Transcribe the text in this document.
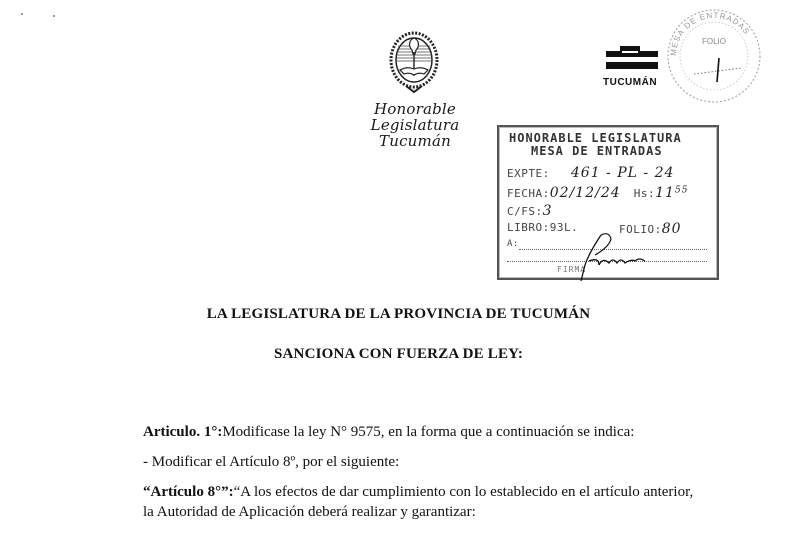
Honorable Legislatura
Tucumán
TUCUMÁN
MESA DE ENTRADAS
FOLIO
HONORABLE LEGISLATURA
MESA DE ENTRADAS
EXPTE: 461 - PL - 24
FECHA:02/12/24 $Hs:11^{55}$
C/FS:3
LIBRO:93L.	FOLIO:80
A:
FIRMA
LA LEGISLATURA DE LA PROVINCIA DE TUCUMÁN
SANCIONA CON FUERZA DE LEY:
Articulo. 1°:Modificase la ley N° 9575, en la forma que a continuación se indica:
- Modificar el Artículo 8º, por el siguiente:
“Artículo 8°”:“A los efectos de dar cumplimiento con lo establecido en el artículo anterior, la Autoridad de Aplicación deberá realizar y garantizar:
